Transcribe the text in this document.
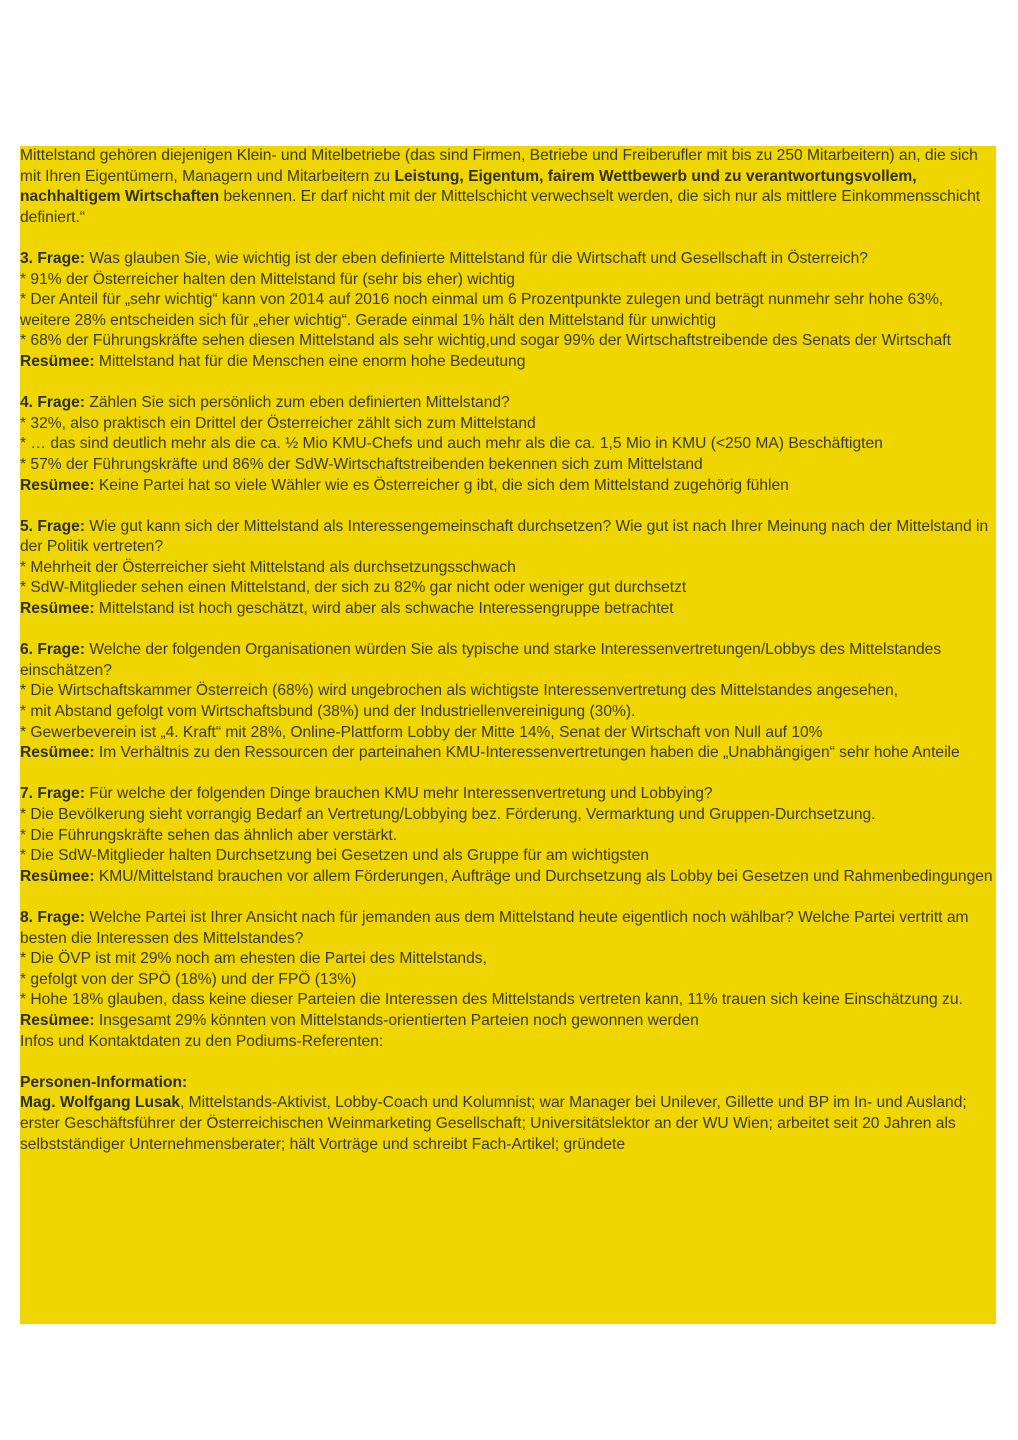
Mittelstand gehören diejenigen Klein- und Mitelbetriebe (das sind Firmen, Betriebe und Freiberufler mit bis zu 250 Mitarbeitern) an, die sich mit Ihren Eigentümern, Managern und Mitarbeitern zu Leistung, Eigentum, fairem Wettbewerb und zu verantwortungsvollem, nachhaltigem Wirtschaften bekennen. Er darf nicht mit der Mittelschicht verwechselt werden, die sich nur als mittlere Einkommensschicht definiert.“

3. Frage: Was glauben Sie, wie wichtig ist der eben definierte Mittelstand für die Wirtschaft und Gesellschaft in Österreich?

* 91% der Österreicher halten den Mittelstand für (sehr bis eher) wichtig

* Der Anteil für „sehr wichtig“ kann von 2014 auf 2016 noch einmal um 6 Prozentpunkte zulegen und beträgt nunmehr sehr hohe 63%, weitere 28% entscheiden sich für „eher wichtig“. Gerade einmal 1% hält den Mittelstand für unwichtig

* 68% der Führungskräfte sehen diesen Mittelstand als sehr wichtig,und sogar 99% der Wirtschaftstreibende des Senats der Wirtschaft

Resümee: Mittelstand hat für die Menschen eine enorm hohe Bedeutung

4. Frage: Zählen Sie sich persönlich zum eben definierten Mittelstand?

* 32%, also praktisch ein Drittel der Österreicher zählt sich zum Mittelstand

* … das sind deutlich mehr als die ca. ½ Mio KMU-Chefs und auch mehr als die ca. 1,5 Mio in KMU (<250 MA) Beschäftigten

* 57% der Führungskräfte und 86% der SdW-Wirtschaftstreibenden bekennen sich zum Mittelstand

Resümee: Keine Partei hat so viele Wähler wie es Österreicher g ibt, die sich dem Mittelstand zugehörig fühlen

5. Frage: Wie gut kann sich der Mittelstand als Interessengemeinschaft durchsetzen? Wie gut ist nach Ihrer Meinung nach der Mittelstand in der Politik vertreten?

* Mehrheit der Österreicher sieht Mittelstand als durchsetzungsschwach

* SdW-Mitglieder sehen einen Mittelstand, der sich zu 82% gar nicht oder weniger gut durchsetzt

Resümee: Mittelstand ist hoch geschätzt, wird aber als schwache Interessengruppe betrachtet

6. Frage: Welche der folgenden Organisationen würden Sie als typische und starke Interessenvertretungen/Lobbys des Mittelstandes einschätzen?

* Die Wirtschaftskammer Österreich (68%) wird ungebrochen als wichtigste Interessenvertretung des Mittelstandes angesehen,

* mit Abstand gefolgt vom Wirtschaftsbund (38%) und der Industriellenvereinigung (30%).

* Gewerbeverein ist „4. Kraft“ mit 28%, Online-Plattform Lobby der Mitte 14%, Senat der Wirtschaft von Null auf 10%

Resümee: Im Verhältnis zu den Ressourcen der parteinahen KMU-Interessenvertretungen haben die „Unabhängigen“ sehr hohe Anteile

7. Frage: Für welche der folgenden Dinge brauchen KMU mehr Interessenvertretung und Lobbying?

* Die Bevölkerung sieht vorrangig Bedarf an Vertretung/Lobbying bez. Förderung, Vermarktung und Gruppen-Durchsetzung.

* Die Führungskräfte sehen das ähnlich aber verstärkt.

* Die SdW-Mitglieder halten Durchsetzung bei Gesetzen und als Gruppe für am wichtigsten

Resümee: KMU/Mittelstand brauchen vor allem Förderungen, Aufträge und Durchsetzung als Lobby bei Gesetzen und Rahmenbedingungen

8. Frage: Welche Partei ist Ihrer Ansicht nach für jemanden aus dem Mittelstand heute eigentlich noch wählbar? Welche Partei vertritt am besten die Interessen des Mittelstandes?

* Die ÖVP ist mit 29% noch am ehesten die Partei des Mittelstands,

* gefolgt von der SPÖ (18%) und der FPÖ (13%)

* Hohe 18% glauben, dass keine dieser Parteien die Interessen des Mittelstands vertreten kann, 11% trauen sich keine Einschätzung zu.

Resümee: Insgesamt 29% könnten von Mittelstands-orientierten Parteien noch gewonnen werden

Infos und Kontaktdaten zu den Podiums-Referenten:

Personen-Information:

Mag. Wolfgang Lusak, Mittelstands-Aktivist, Lobby-Coach und Kolumnist; war Manager bei Unilever, Gillette und BP im In- und Ausland; erster Geschäftsführer der Österreichischen Weinmarketing Gesellschaft; Universitätslektor an der WU Wien; arbeitet seit 20 Jahren als selbstständiger Unternehmensberater; hält Vorträge und schreibt Fach-Artikel; gründete
